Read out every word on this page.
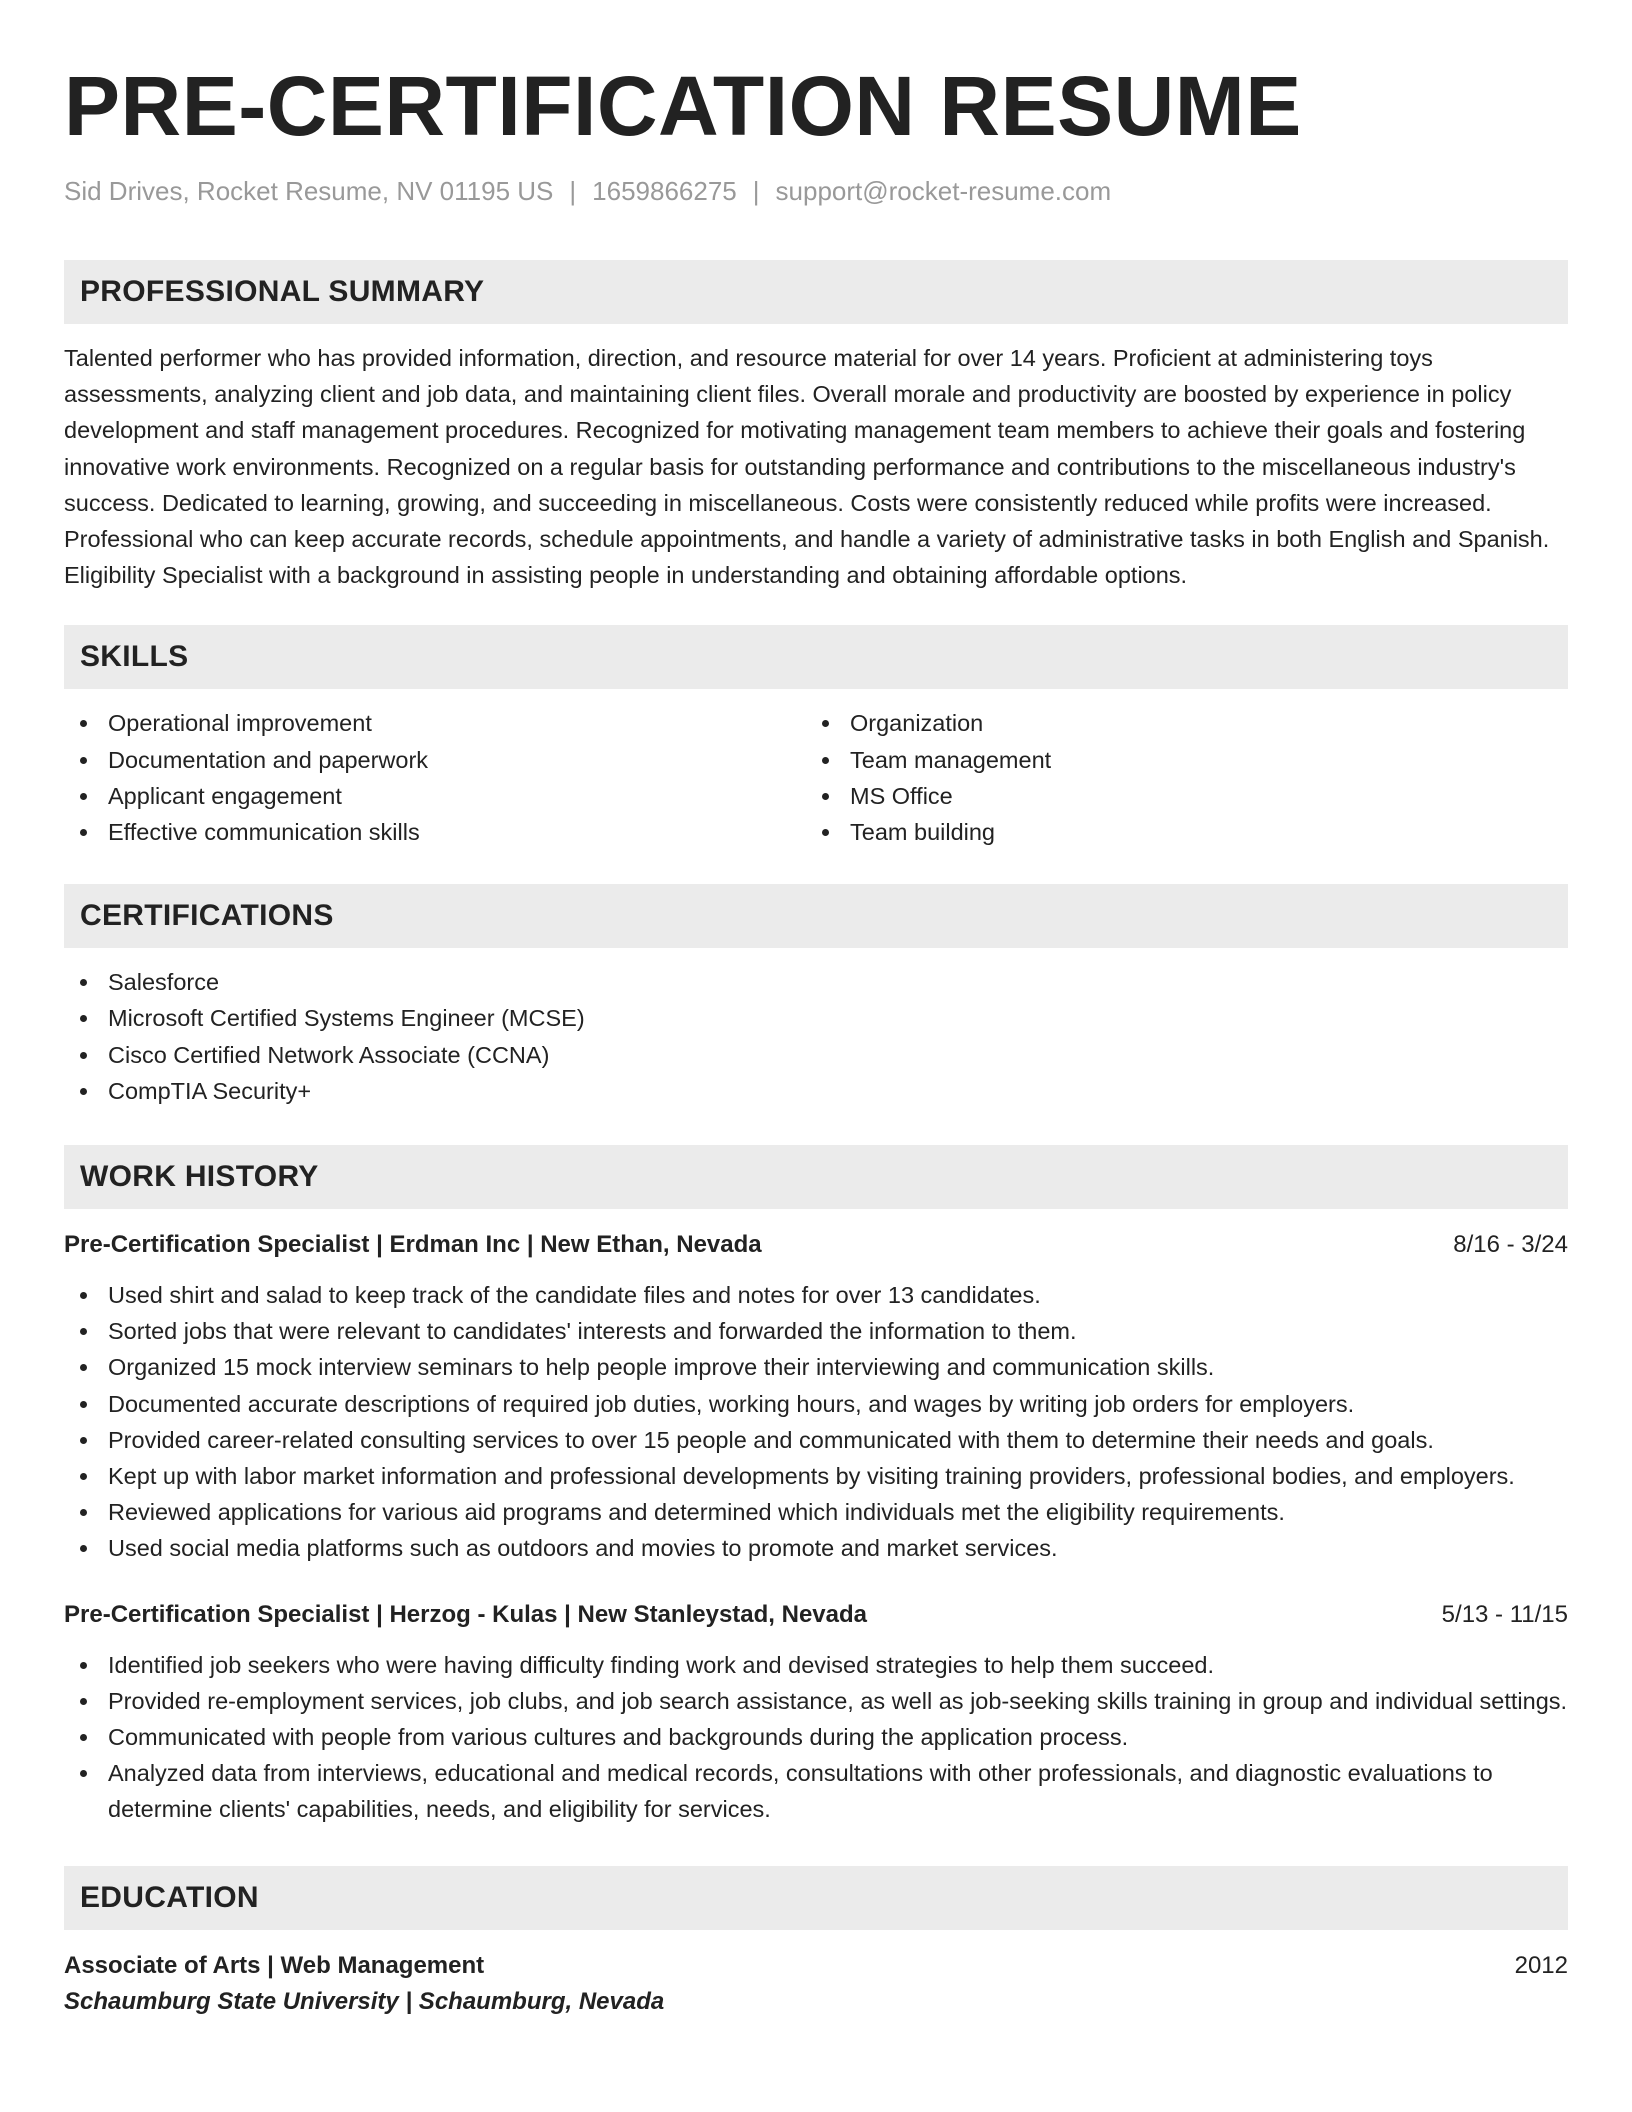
PRE-CERTIFICATION RESUME
Sid Drives, Rocket Resume, NV 01195 US | 1659866275 | support@rocket-resume.com
PROFESSIONAL SUMMARY

Talented performer who has provided information, direction, and resource material for over 14 years. Proficient at administering toys assessments, analyzing client and job data, and maintaining client files. Overall morale and productivity are boosted by experience in policy development and staff management procedures. Recognized for motivating management team members to achieve their goals and fostering innovative work environments. Recognized on a regular basis for outstanding performance and contributions to the miscellaneous industry's success. Dedicated to learning, growing, and succeeding in miscellaneous. Costs were consistently reduced while profits were increased. Professional who can keep accurate records, schedule appointments, and handle a variety of administrative tasks in both English and Spanish. Eligibility Specialist with a background in assisting people in understanding and obtaining affordable options.

SKILLS
Operational improvement
Documentation and paperwork
Applicant engagement
Effective communication skills
Organization
Team management
MS Office
Team building
CERTIFICATIONS
Salesforce
Microsoft Certified Systems Engineer (MCSE)
Cisco Certified Network Associate (CCNA)
CompTIA Security+
WORK HISTORY
Pre-Certification Specialist | Erdman Inc | New Ethan, Nevada	8/16 - 3/24
Used shirt and salad to keep track of the candidate files and notes for over 13 candidates.
Sorted jobs that were relevant to candidates' interests and forwarded the information to them.
Organized 15 mock interview seminars to help people improve their interviewing and communication skills.
Documented accurate descriptions of required job duties, working hours, and wages by writing job orders for employers.
Provided career-related consulting services to over 15 people and communicated with them to determine their needs and goals.
Kept up with labor market information and professional developments by visiting training providers, professional bodies, and employers.
Reviewed applications for various aid programs and determined which individuals met the eligibility requirements.
Used social media platforms such as outdoors and movies to promote and market services.
Pre-Certification Specialist | Herzog - Kulas | New Stanleystad, Nevada	5/13 - 11/15
Identified job seekers who were having difficulty finding work and devised strategies to help them succeed.
Provided re-employment services, job clubs, and job search assistance, as well as job-seeking skills training in group and individual settings.
Communicated with people from various cultures and backgrounds during the application process.
Analyzed data from interviews, educational and medical records, consultations with other professionals, and diagnostic evaluations to determine clients' capabilities, needs, and eligibility for services.
EDUCATION
Associate of Arts | Web Management	2012
Schaumburg State University | Schaumburg, Nevada
